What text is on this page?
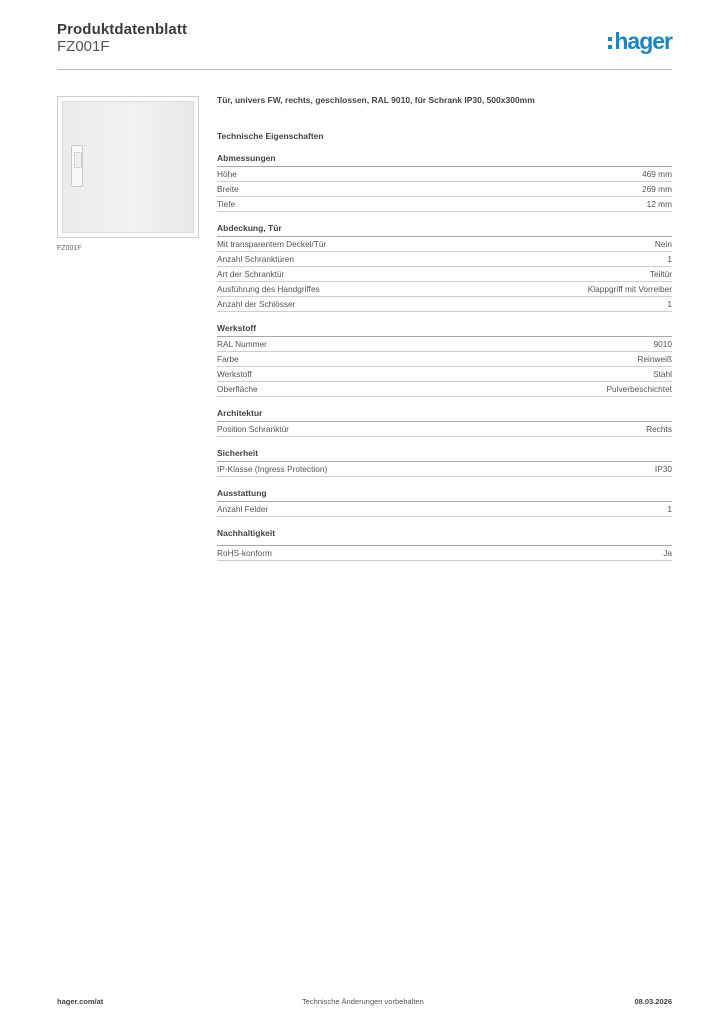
Produktdatenblatt
FZ001F	hager
FZ001F
Tür, univers FW, rechts, geschlossen, RAL 9010, für Schrank IP30, 500x300mm
Technische Eigenschaften
Abmessungen
Höhe	469 mm
Breite	269 mm
Tiefe	12 mm
Abdeckung, Tür
Mit transparentem Deckel/Tür	Nein
Anzahl Schranktüren	1
Art der Schranktür	Teiltür
Ausführung des Handgriffes	Klappgriff mit Vorreiber
Anzahl der Schlösser	1
Werkstoff
RAL Nummer	9010
Farbe	Reinweiß
Werkstoff	Stahl
Oberfläche	Pulverbeschichtet
Architektur
Position Schranktür	Rechts
Sicherheit
IP-Klasse (Ingress Protection)	IP30
Ausstattung
Anzahl Felder	1
Nachhaltigkeit
RoHS-konform	Ja
hager.com/at	Technische Änderungen vorbehalten	08.03.2026
